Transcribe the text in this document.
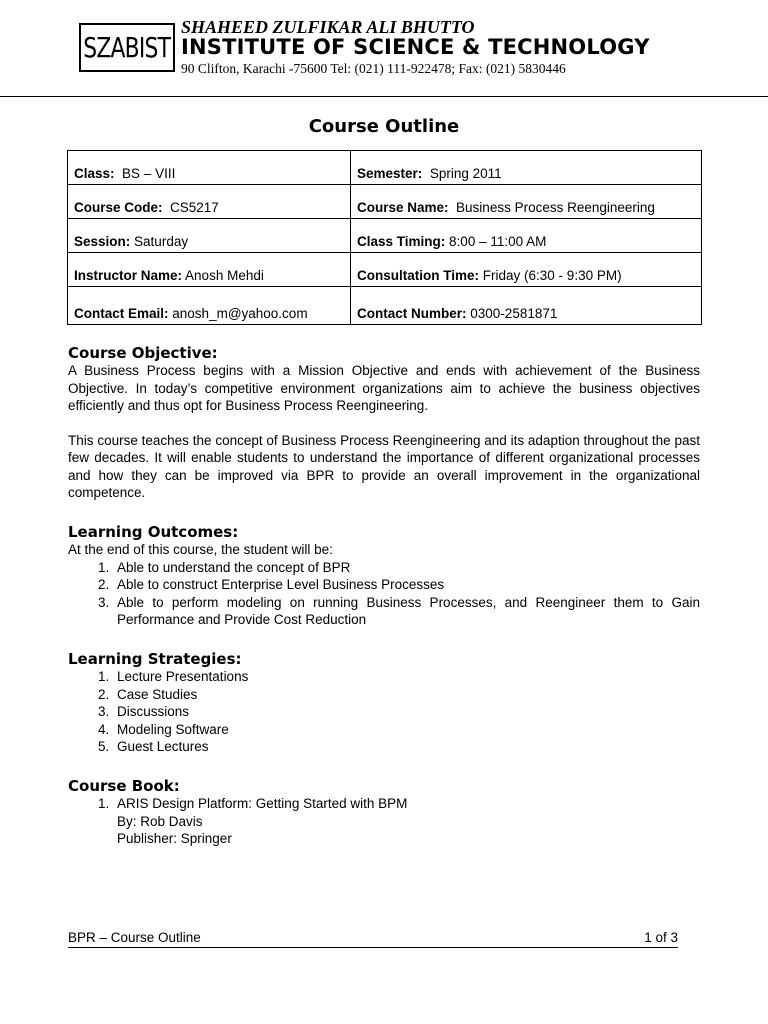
SZABIST
SHAHEED ZULFIKAR ALI BHUTTO
INSTITUTE OF SCIENCE & TECHNOLOGY
90 Clifton, Karachi -75600 Tel: (021) 111-922478; Fax: (021) 5830446
Course Outline
Class: BS – VIII	Semester: Spring 2011
Course Code: CS5217	Course Name: Business Process Reengineering
Session: Saturday	Class Timing: 8:00 – 11:00 AM
Instructor Name: Anosh Mehdi	Consultation Time: Friday (6:30 - 9:30 PM)
Contact Email: anosh_m@yahoo.com	Contact Number: 0300-2581871
Course Objective:
A Business Process begins with a Mission Objective and ends with achievement of the Business Objective. In today’s competitive environment organizations aim to achieve the business objectives efficiently and thus opt for Business Process Reengineering.
This course teaches the concept of Business Process Reengineering and its adaption throughout the past few decades. It will enable students to understand the importance of different organizational processes and how they can be improved via BPR to provide an overall improvement in the organizational competence.
Learning Outcomes:
At the end of this course, the student will be:
1. Able to understand the concept of BPR
2. Able to construct Enterprise Level Business Processes
3. Able to perform modeling on running Business Processes, and Reengineer them to Gain Performance and Provide Cost Reduction
Learning Strategies:
1. Lecture Presentations
2. Case Studies
3. Discussions
4. Modeling Software
5. Guest Lectures
Course Book:
1. ARIS Design Platform: Getting Started with BPM
By: Rob Davis
Publisher: Springer
BPR – Course Outline	1 of 3
